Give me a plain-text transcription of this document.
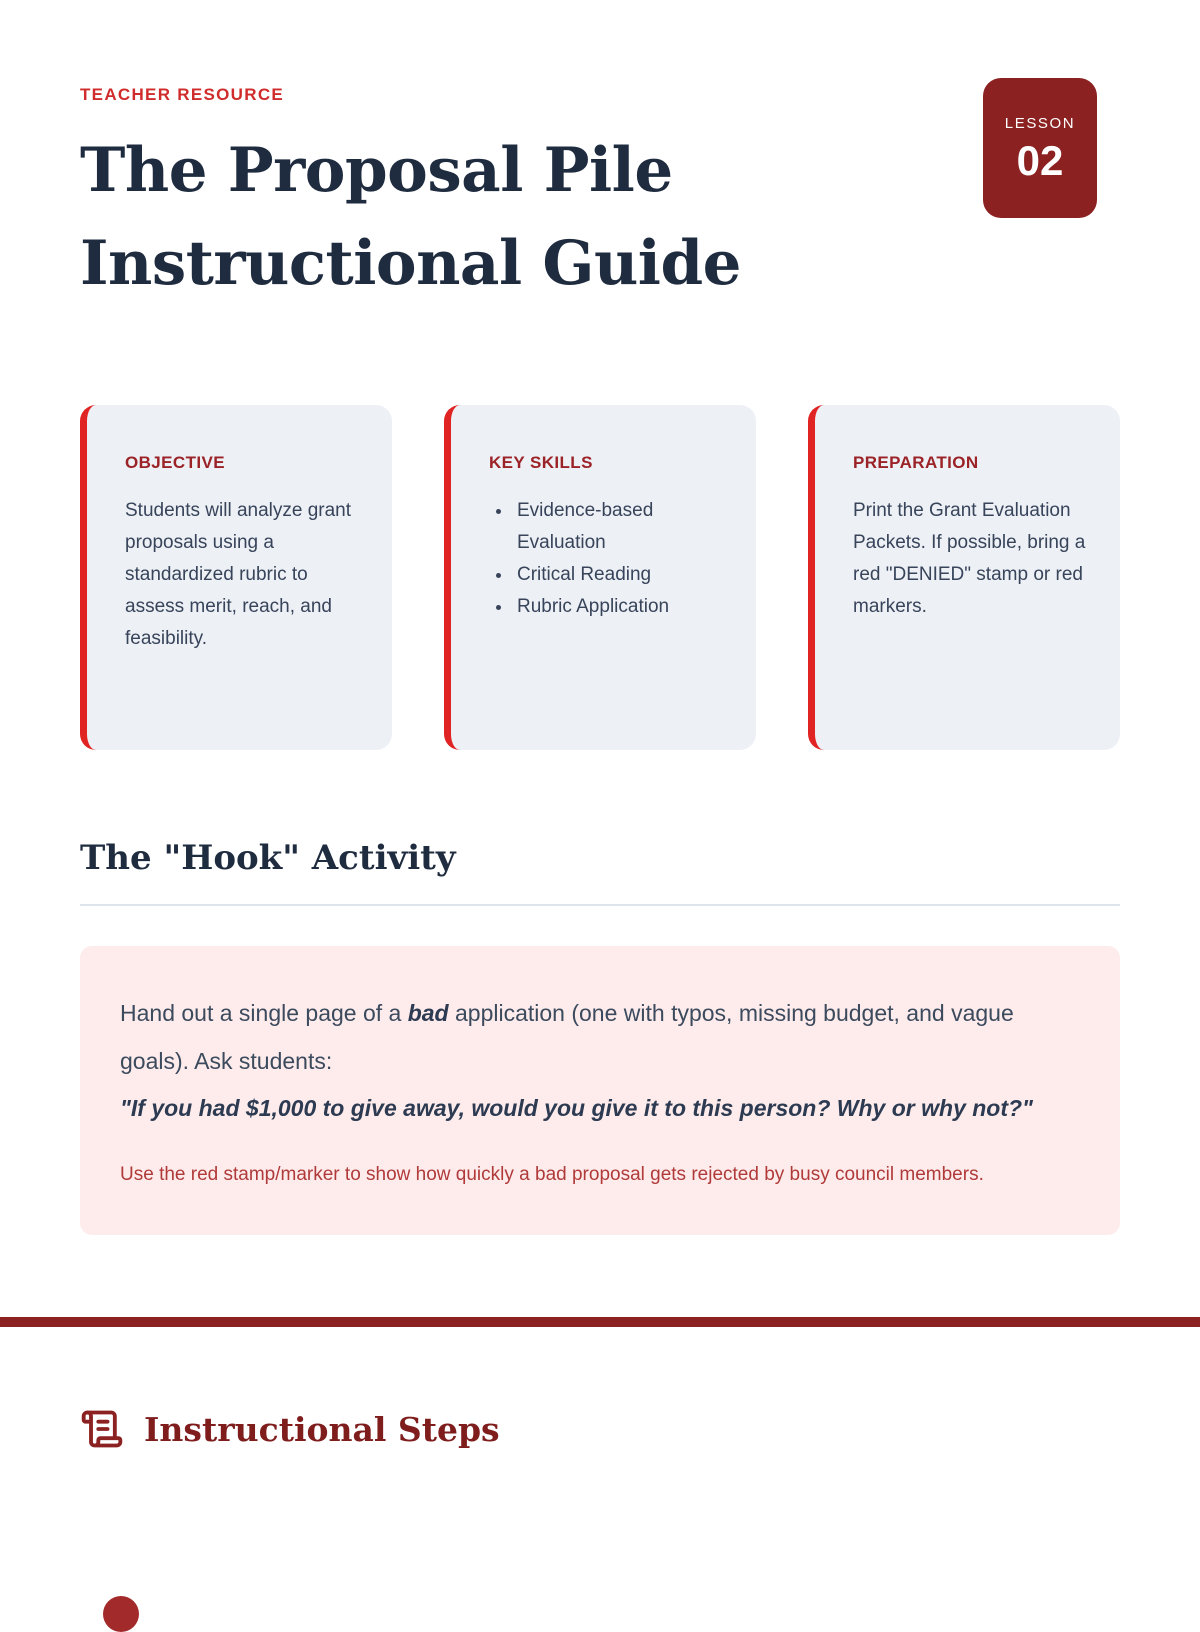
TEACHER RESOURCE
The Proposal Pile
Instructional Guide
LESSON
02
OBJECTIVE

Students will analyze grant proposals using a standardized rubric to assess merit, reach, and feasibility.

KEY SKILLS
• Evidence-based Evaluation
• Critical Reading
• Rubric Application
PREPARATION

Print the Grant Evaluation Packets. If possible, bring a red "DENIED" stamp or red markers.

The "Hook" Activity

Hand out a single page of a bad application (one with typos, missing budget, and vague goals). Ask students:

"If you had $1,000 to give away, would you give it to this person? Why or why not?"

Use the red stamp/marker to show how quickly a bad proposal gets rejected by busy council members.

Instructional Steps
